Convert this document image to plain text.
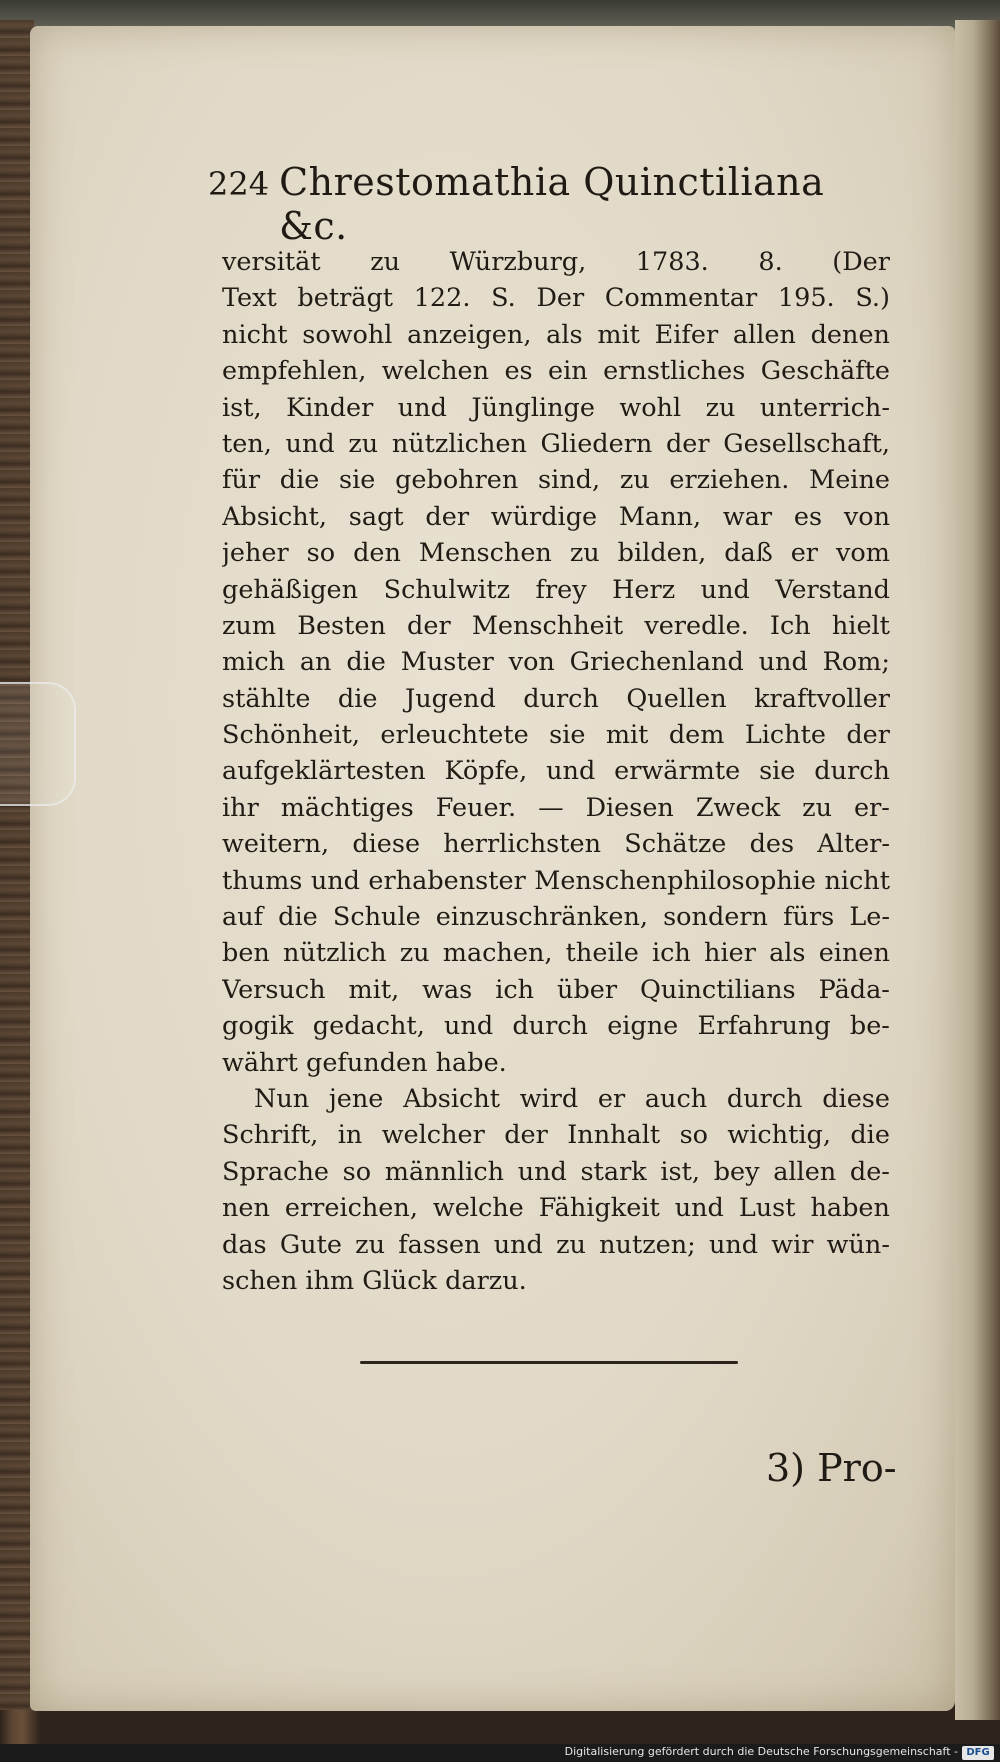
224 Chrestomathia Quinctiliana &c.
versität zu Würzburg, 1783. 8. (Der
Text beträgt 122. S. Der Commentar 195. S.)
nicht sowohl anzeigen, als mit Eifer allen denen
empfehlen, welchen es ein ernstliches Geschäfte
ist, Kinder und Jünglinge wohl zu unterrich-
ten, und zu nützlichen Gliedern der Gesellschaft,
für die sie gebohren sind, zu erziehen. Meine
Absicht, sagt der würdige Mann, war es von
jeher so den Menschen zu bilden, daß er vom
gehäßigen Schulwitz frey Herz und Verstand
zum Besten der Menschheit veredle. Ich hielt
mich an die Muster von Griechenland und Rom;
stählte die Jugend durch Quellen kraftvoller
Schönheit, erleuchtete sie mit dem Lichte der
aufgeklärtesten Köpfe, und erwärmte sie durch
ihr mächtiges Feuer. — Diesen Zweck zu er-
weitern, diese herrlichsten Schätze des Alter-
thums und erhabenster Menschenphilosophie nicht
auf die Schule einzuschränken, sondern fürs Le-
ben nützlich zu machen, theile ich hier als einen
Versuch mit, was ich über Quinctilians Päda-
gogik gedacht, und durch eigne Erfahrung be-
währt gefunden habe.
Nun jene Absicht wird er auch durch diese
Schrift, in welcher der Innhalt so wichtig, die
Sprache so männlich und stark ist, bey allen de-
nen erreichen, welche Fähigkeit und Lust haben
das Gute zu fassen und zu nutzen; und wir wün-
schen ihm Glück darzu.
3) Pro-
Digitalisierung gefördert durch die Deutsche Forschungsgemeinschaft - DFG
